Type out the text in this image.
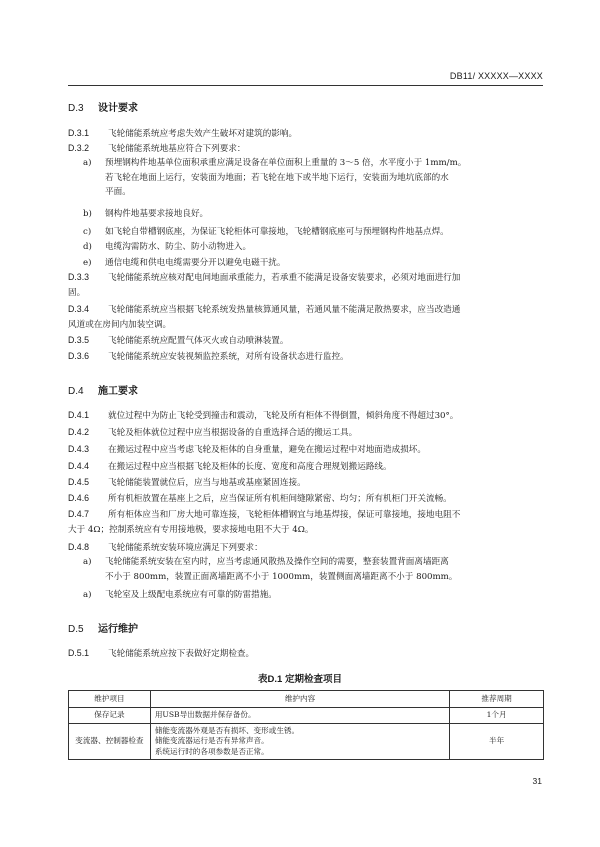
DB11/ XXXXX—XXXX
D.3 设计要求
D.3.1 飞轮储能系统应考虑失效产生破坏对建筑的影响。
D.3.2 飞轮储能系统地基应符合下列要求：
a) 预埋钢构件地基单位面积承重应满足设备在单位面积上重量的 3～5 倍，水平度小于 1mm/m。
若飞轮在地面上运行，安装面为地面；若飞轮在地下或半地下运行，安装面为地坑底部的水
平面。
b) 钢构件地基要求接地良好。
c) 如飞轮自带槽钢底座，为保证飞轮柜体可靠接地，飞轮槽钢底座可与预埋钢构件地基点焊。
d) 电缆沟需防水、防尘、防小动物进入。
e) 通信电缆和供电电缆需要分开以避免电磁干扰。
D.3.3 飞轮储能系统应核对配电间地面承重能力，若承重不能满足设备安装要求，必须对地面进行加
固。
D.3.4 飞轮储能系统应当根据飞轮系统发热量核算通风量，若通风量不能满足散热要求，应当改造通
风道或在房间内加装空调。
D.3.5 飞轮储能系统应配置气体灭火或自动喷淋装置。
D.3.6 飞轮储能系统应安装视频监控系统，对所有设备状态进行监控。
D.4 施工要求
D.4.1 就位过程中为防止飞轮受到撞击和震动，飞轮及所有柜体不得倒置，倾斜角度不得超过30°。
D.4.2 飞轮及柜体就位过程中应当根据设备的自重选择合适的搬运工具。
D.4.3 在搬运过程中应当考虑飞轮及柜体的自身重量，避免在搬运过程中对地面造成损坏。
D.4.4 在搬运过程中应当根据飞轮及柜体的长度、宽度和高度合理规划搬运路线。
D.4.5 飞轮储能装置就位后，应当与地基或基座紧固连接。
D.4.6 所有机柜放置在基座上之后，应当保证所有机柜间缝隙紧密、均匀；所有机柜门开关流畅。
D.4.7 所有柜体应当和厂房大地可靠连接，飞轮柜体槽钢宜与地基焊接，保证可靠接地，接地电阻不
大于 4Ω；控制系统应有专用接地极，要求接地电阻不大于 4Ω。
D.4.8 飞轮储能系统安装环境应满足下列要求：
a) 飞轮储能系统安装在室内时，应当考虑通风散热及操作空间的需要，整套装置背面离墙距离
不小于 800mm，装置正面离墙距离不小于 1000mm，装置侧面离墙距离不小于 800mm。
a) 飞轮室及上级配电系统应有可靠的防雷措施。
D.5 运行维护
D.5.1 飞轮储能系统应按下表做好定期检查。
表D.1 定期检查项目
维护项目	维护内容	推荐周期
保存记录	用USB导出数据并保存备份。	1个月
变流器、控制器检查	储能变流器外观是否有损坏、变形或生锈。
储能变流器运行是否有异常声音。
系统运行时的各项参数是否正常。	半年
31
